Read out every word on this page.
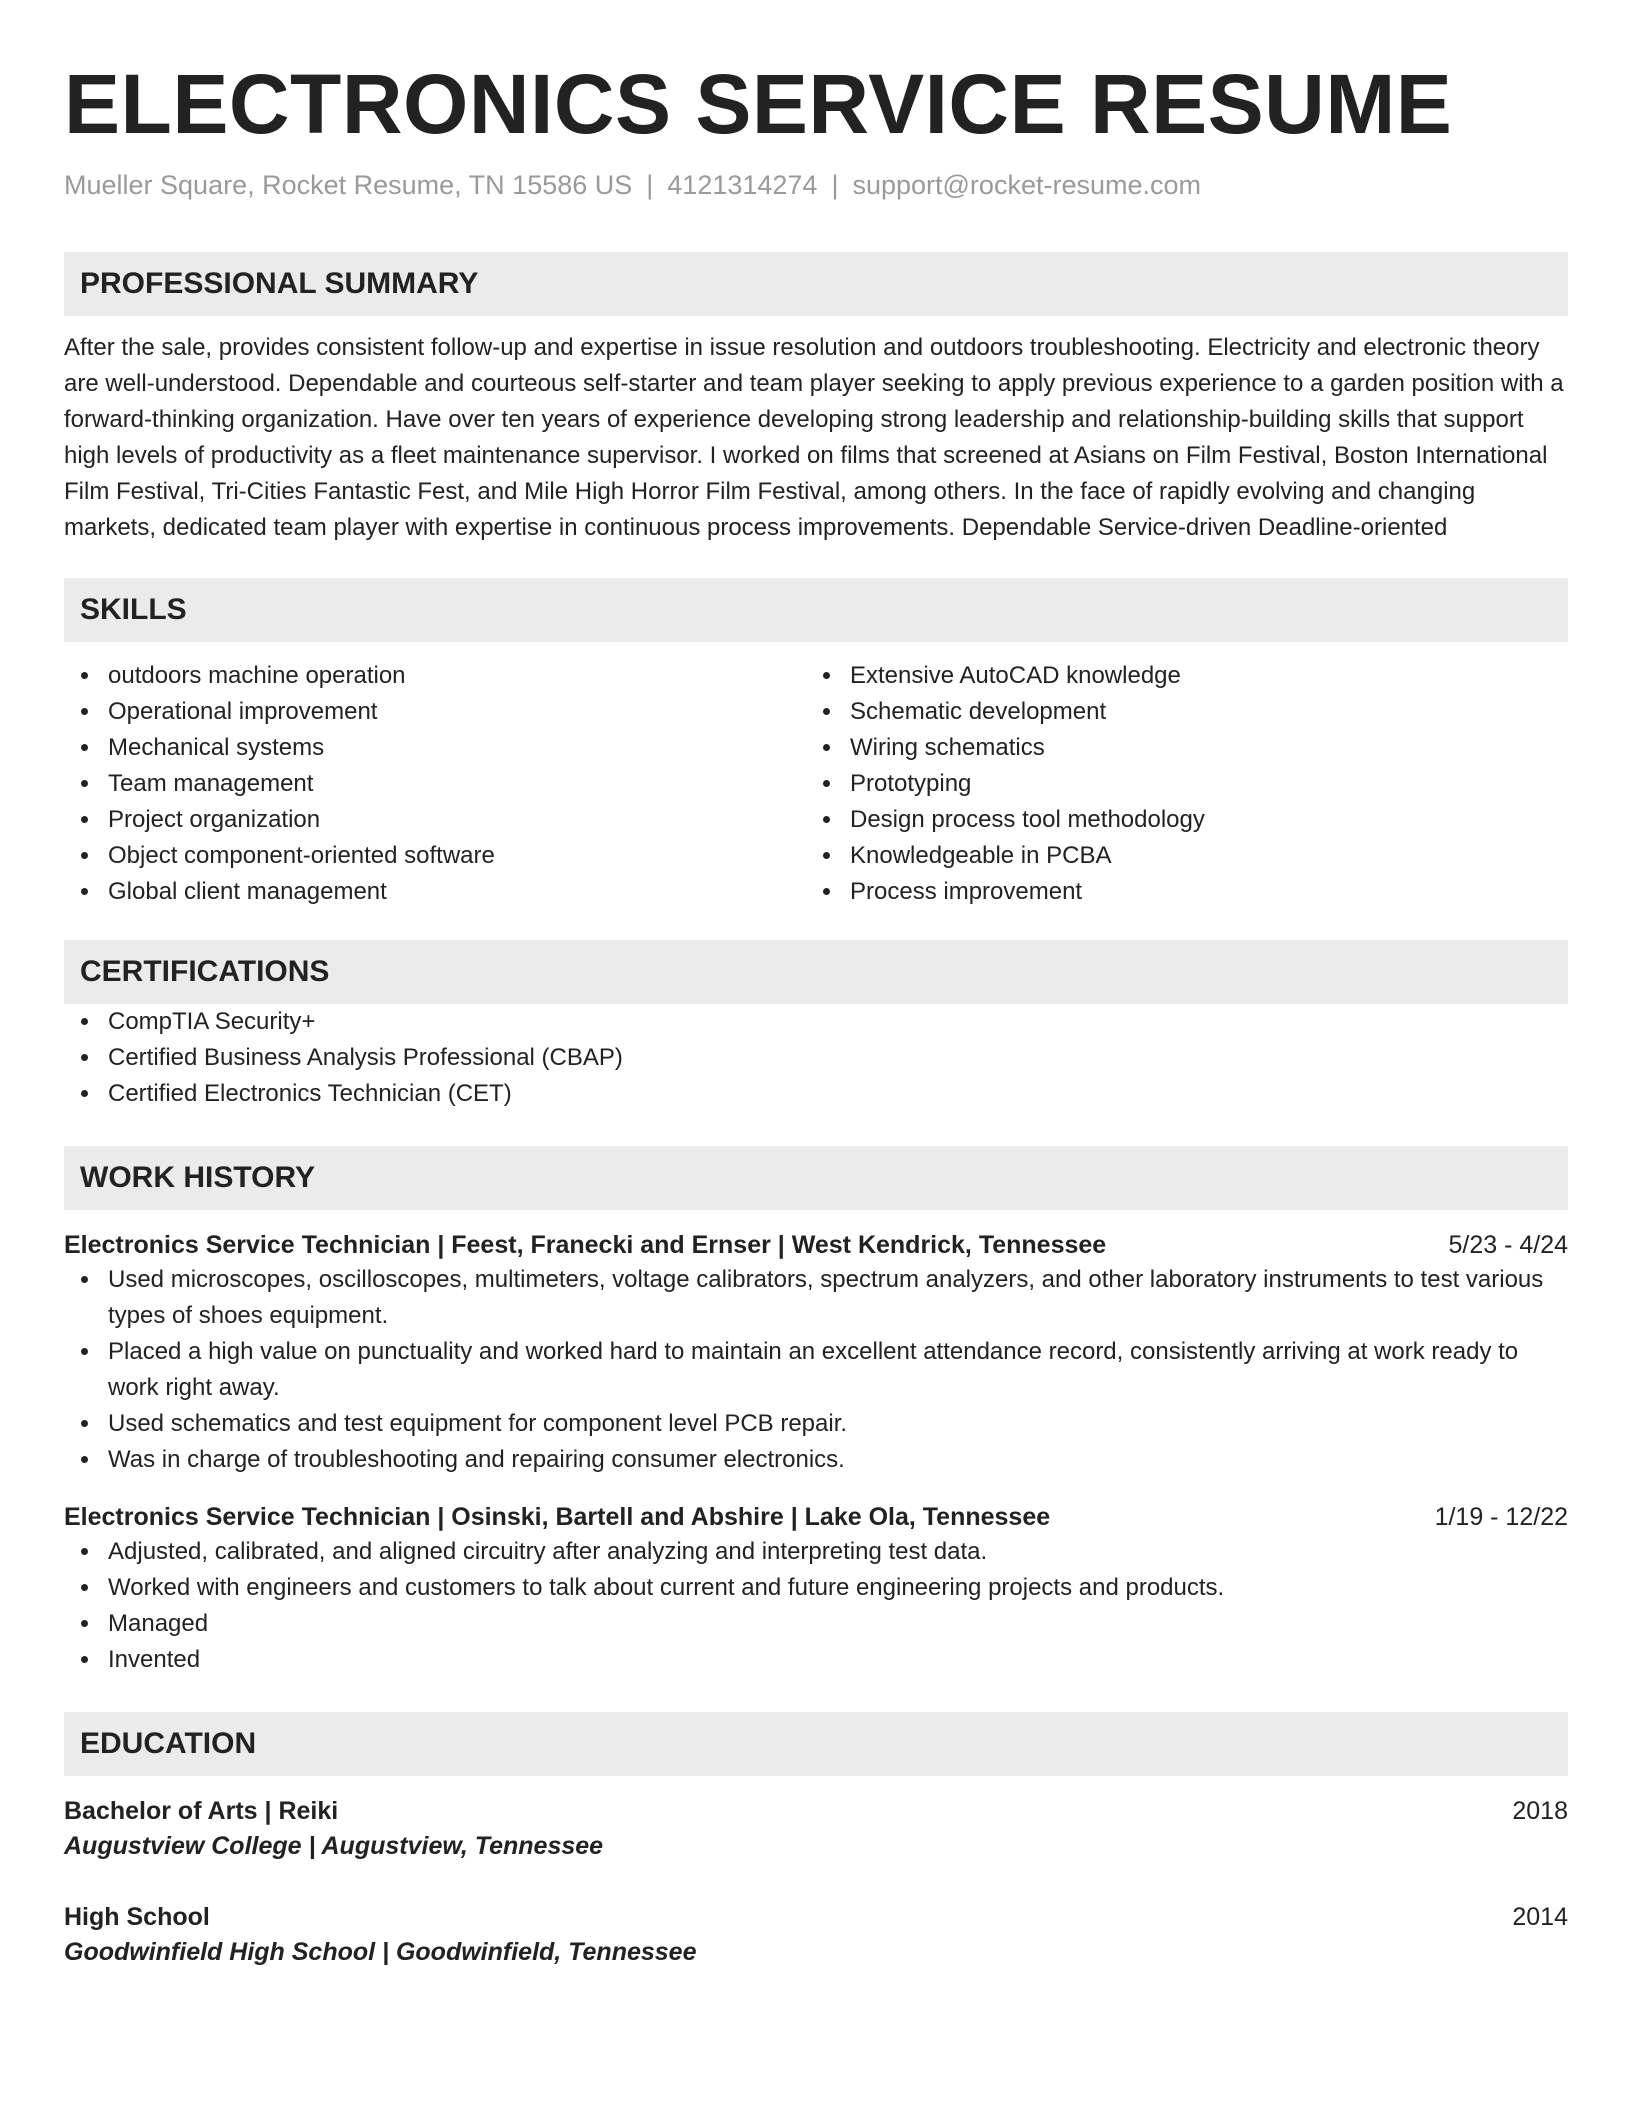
ELECTRONICS SERVICE RESUME
Mueller Square, Rocket Resume, TN 15586 US | 4121314274 | support@rocket-resume.com
PROFESSIONAL SUMMARY
After the sale, provides consistent follow-up and expertise in issue resolution and outdoors troubleshooting. Electricity and electronic theory are well-understood. Dependable and courteous self-starter and team player seeking to apply previous experience to a garden position with a forward-thinking organization. Have over ten years of experience developing strong leadership and relationship-building skills that support high levels of productivity as a fleet maintenance supervisor. I worked on films that screened at Asians on Film Festival, Boston International Film Festival, Tri-Cities Fantastic Fest, and Mile High Horror Film Festival, among others. In the face of rapidly evolving and changing markets, dedicated team player with expertise in continuous process improvements. Dependable Service-driven Deadline-oriented
SKILLS
outdoors machine operation
Operational improvement
Mechanical systems
Team management
Project organization
Object component-oriented software
Global client management
Extensive AutoCAD knowledge
Schematic development
Wiring schematics
Prototyping
Design process tool methodology
Knowledgeable in PCBA
Process improvement
CERTIFICATIONS
CompTIA Security+
Certified Business Analysis Professional (CBAP)
Certified Electronics Technician (CET)
WORK HISTORY
Electronics Service Technician | Feest, Franecki and Ernser | West Kendrick, Tennessee	5/23 - 4/24
Used microscopes, oscilloscopes, multimeters, voltage calibrators, spectrum analyzers, and other laboratory instruments to test various types of shoes equipment.
Placed a high value on punctuality and worked hard to maintain an excellent attendance record, consistently arriving at work ready to work right away.
Used schematics and test equipment for component level PCB repair.
Was in charge of troubleshooting and repairing consumer electronics.
Electronics Service Technician | Osinski, Bartell and Abshire | Lake Ola, Tennessee	1/19 - 12/22
Adjusted, calibrated, and aligned circuitry after analyzing and interpreting test data.
Worked with engineers and customers to talk about current and future engineering projects and products.
Managed
Invented
EDUCATION
Bachelor of Arts | Reiki	2018
Augustview College | Augustview, Tennessee
High School	2014
Goodwinfield High School | Goodwinfield, Tennessee
